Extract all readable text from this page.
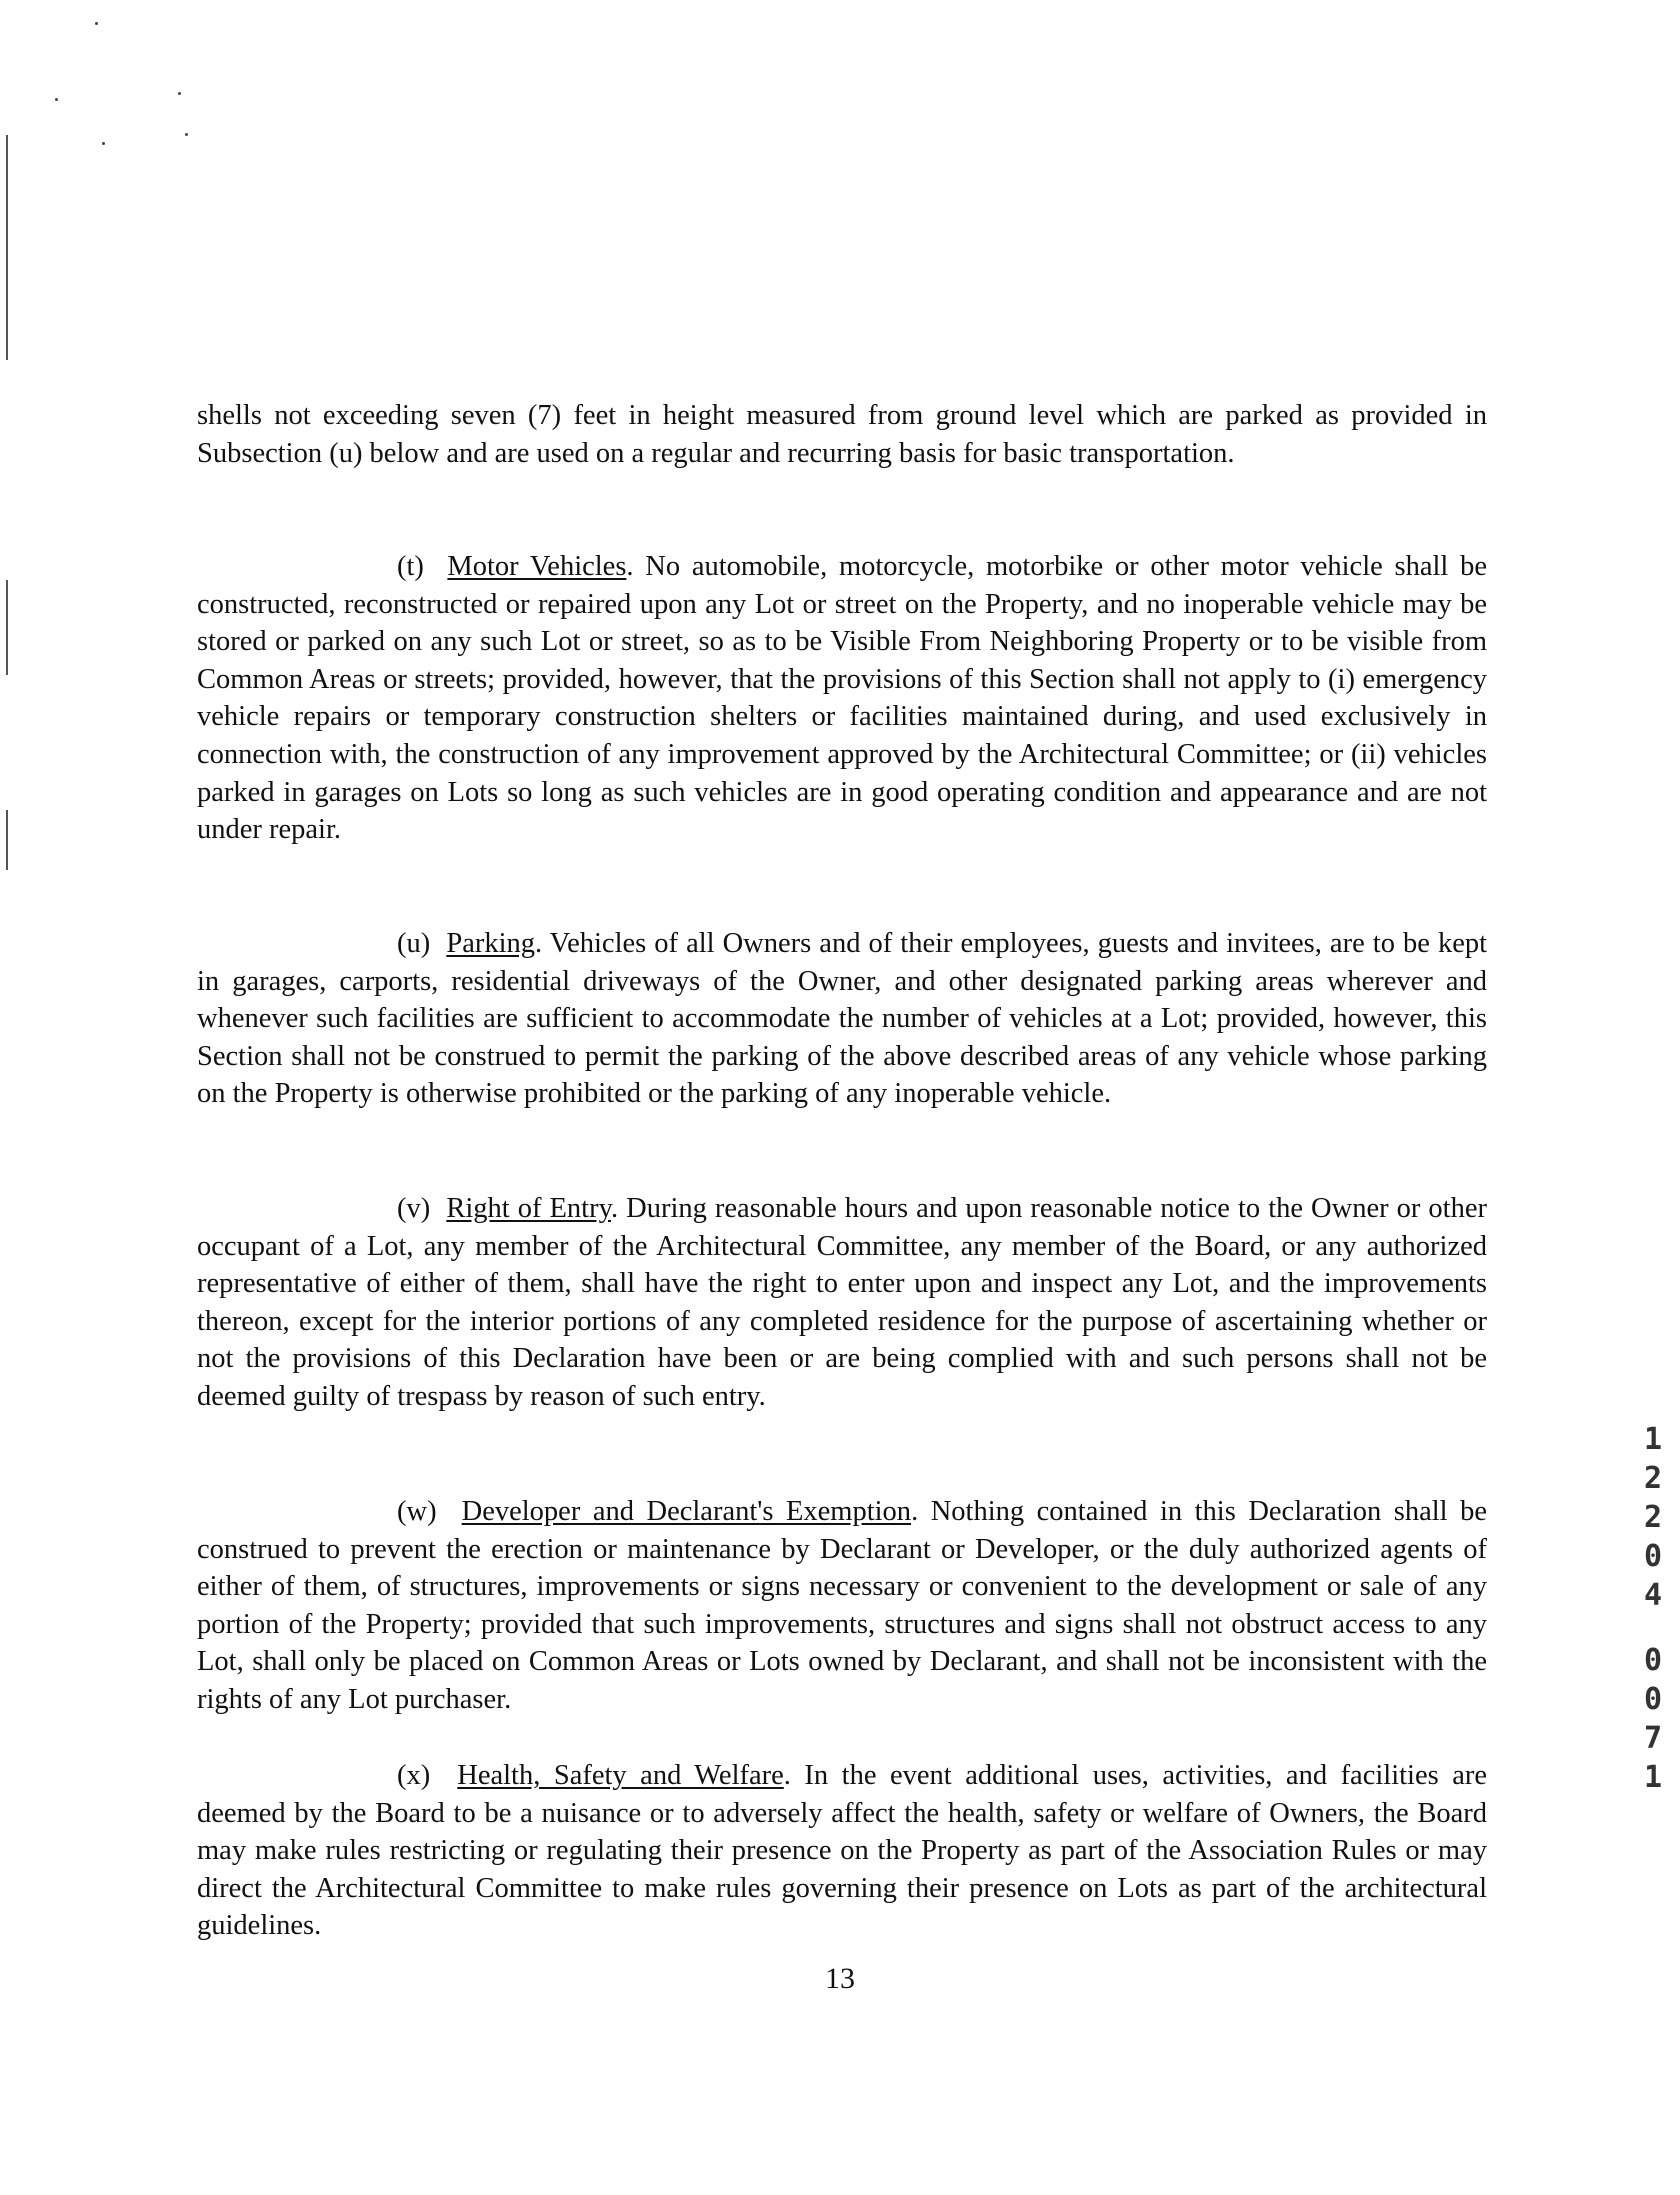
shells not exceeding seven (7) feet in height measured from ground level which are parked as provided in Subsection (u) below and are used on a regular and recurring basis for basic transportation.

(t) Motor Vehicles. No automobile, motorcycle, motorbike or other motor vehicle shall be constructed, reconstructed or repaired upon any Lot or street on the Property, and no inoperable vehicle may be stored or parked on any such Lot or street, so as to be Visible From Neighboring Property or to be visible from Common Areas or streets; provided, however, that the provisions of this Section shall not apply to (i) emergency vehicle repairs or temporary construction shelters or facilities maintained during, and used exclusively in connection with, the construction of any improvement approved by the Architectural Committee; or (ii) vehicles parked in garages on Lots so long as such vehicles are in good operating condition and appearance and are not under repair.

(u) Parking. Vehicles of all Owners and of their employees, guests and invitees, are to be kept in garages, carports, residential driveways of the Owner, and other designated parking areas wherever and whenever such facilities are sufficient to accommodate the number of vehicles at a Lot; provided, however, this Section shall not be construed to permit the parking of the above described areas of any vehicle whose parking on the Property is otherwise prohibited or the parking of any inoperable vehicle.

(v) Right of Entry. During reasonable hours and upon reasonable notice to the Owner or other occupant of a Lot, any member of the Architectural Committee, any member of the Board, or any authorized representative of either of them, shall have the right to enter upon and inspect any Lot, and the improvements thereon, except for the interior portions of any completed residence for the purpose of ascertaining whether or not the provisions of this Declaration have been or are being complied with and such persons shall not be deemed guilty of trespass by reason of such entry.

(w) Developer and Declarant's Exemption. Nothing contained in this Declaration shall be construed to prevent the erection or maintenance by Declarant or Developer, or the duly authorized agents of either of them, of structures, improvements or signs necessary or convenient to the development or sale of any portion of the Property; provided that such improvements, structures and signs shall not obstruct access to any Lot, shall only be placed on Common Areas or Lots owned by Declarant, and shall not be inconsistent with the rights of any Lot purchaser.

(x) Health, Safety and Welfare. In the event additional uses, activities, and facilities are deemed by the Board to be a nuisance or to adversely affect the health, safety or welfare of Owners, the Board may make rules restricting or regulating their presence on the Property as part of the Association Rules or may direct the Architectural Committee to make rules governing their presence on Lots as part of the architectural guidelines.

13

1
2
2
0
4
0
0
7
1
